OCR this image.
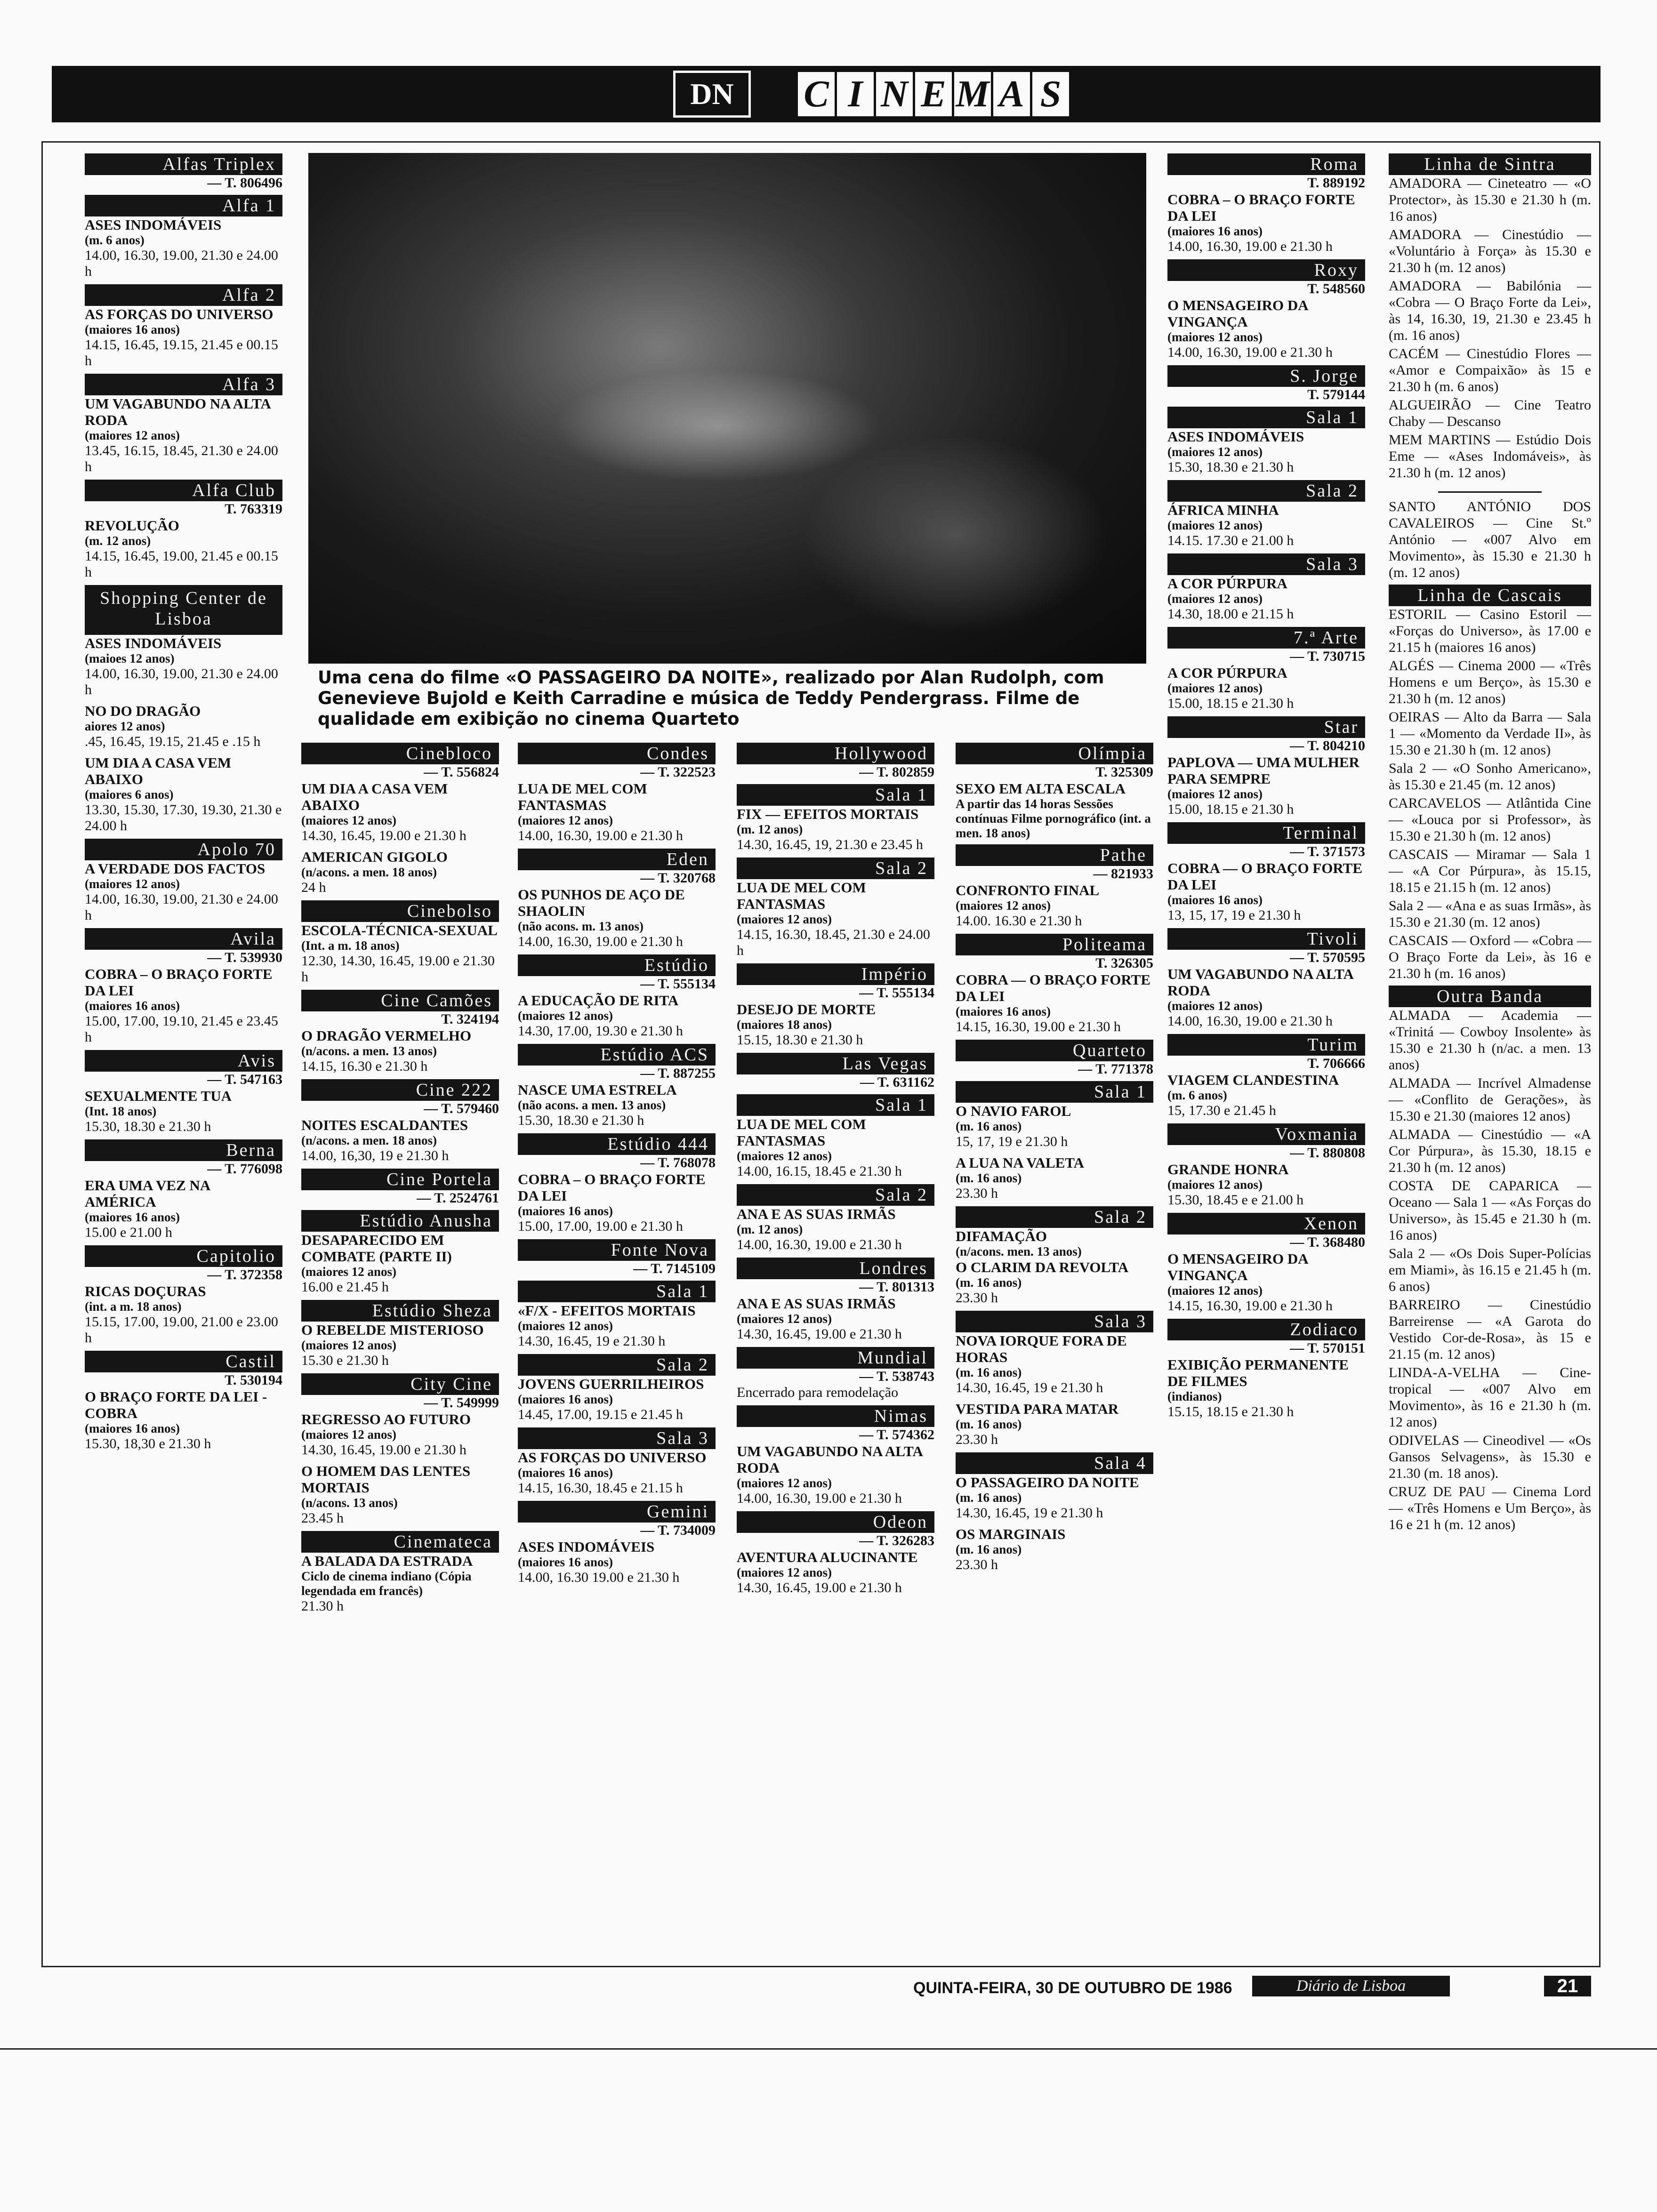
DN	C I N E M A S
Alfas Triplex
— T. 806496
Alfa 1
ASES INDOMÁVEIS
(m. 6 anos)
14.00, 16.30, 19.00, 21.30 e 24.00 h
Alfa 2
AS FORÇAS DO UNIVERSO
(maiores 16 anos)
14.15, 16.45, 19.15, 21.45 e 00.15 h
Alfa 3
UM VAGABUNDO NA ALTA RODA
(maiores 12 anos)
13.45, 16.15, 18.45, 21.30 e 24.00 h
Alfa Club
T. 763319
REVOLUÇÃO
(m. 12 anos)
14.15, 16.45, 19.00, 21.45 e 00.15 h
Shopping Center de Lisboa
ASES INDOMÁVEIS
(maioes 12 anos)
14.00, 16.30, 19.00, 21.30 e 24.00 h
NO DO DRAGÃO
aiores 12 anos)
.45, 16.45, 19.15, 21.45 e .15 h
UM DIA A CASA VEM ABAIXO
(maiores 6 anos)
13.30, 15.30, 17.30, 19.30, 21.30 e 24.00 h
Apolo 70
A VERDADE DOS FACTOS
(maiores 12 anos)
14.00, 16.30, 19.00, 21.30 e 24.00 h
Avila
— T. 539930
COBRA – O BRAÇO FORTE DA LEI
(maiores 16 anos)
15.00, 17.00, 19.10, 21.45 e 23.45 h
Avis
— T. 547163
SEXUALMENTE TUA
(Int. 18 anos)
15.30, 18.30 e 21.30 h
Berna
— T. 776098
ERA UMA VEZ NA AMÉRICA
(maiores 16 anos)
15.00 e 21.00 h
Capitolio
— T. 372358
RICAS DOÇURAS
(int. a m. 18 anos)
15.15, 17.00, 19.00, 21.00 e 23.00 h
Castil
T. 530194
O BRAÇO FORTE DA LEI - COBRA
(maiores 16 anos)
15.30, 18,30 e 21.30 h
Uma cena do filme «O PASSAGEIRO DA NOITE», realizado por Alan Rudolph, com Genevieve Bujold e Keith Carradine e música de Teddy Pendergrass. Filme de qualidade em exibição no cinema Quarteto
Cinebloco
— T. 556824
UM DIA A CASA VEM ABAIXO
(maiores 12 anos)
14.30, 16.45, 19.00 e 21.30 h
AMERICAN GIGOLO
(n/acons. a men. 18 anos)
24 h
Cinebolso
ESCOLA-TÉCNICA-SEXUAL
(Int. a m. 18 anos)
12.30, 14.30, 16.45, 19.00 e 21.30 h
Cine Camões
T. 324194
O DRAGÃO VERMELHO
(n/acons. a men. 13 anos)
14.15, 16.30 e 21.30 h
Cine 222
— T. 579460
NOITES ESCALDANTES
(n/acons. a men. 18 anos)
14.00, 16,30, 19 e 21.30 h
Cine Portela
— T. 2524761
Estúdio Anusha
DESAPARECIDO EM COMBATE (PARTE II)
(maiores 12 anos)
16.00 e 21.45 h
Estúdio Sheza
O REBELDE MISTERIOSO
(maiores 12 anos)
15.30 e 21.30 h
City Cine
— T. 549999
REGRESSO AO FUTURO
(maiores 12 anos)
14.30, 16.45, 19.00 e 21.30 h
O HOMEM DAS LENTES MORTAIS
(n/acons. 13 anos)
23.45 h
Cinemateca
A BALADA DA ESTRADA
Ciclo de cinema indiano (Cópia legendada em francês)
21.30 h
Condes
— T. 322523
LUA DE MEL COM FANTASMAS
(maiores 12 anos)
14.00, 16.30, 19.00 e 21.30 h
Eden
— T. 320768
OS PUNHOS DE AÇO DE SHAOLIN
(não acons. m. 13 anos)
14.00, 16.30, 19.00 e 21.30 h
Estúdio
— T. 555134
A EDUCAÇÃO DE RITA
(maiores 12 anos)
14.30, 17.00, 19.30 e 21.30 h
Estúdio ACS
— T. 887255
NASCE UMA ESTRELA
(não acons. a men. 13 anos)
15.30, 18.30 e 21.30 h
Estúdio 444
— T. 768078
COBRA – O BRAÇO FORTE DA LEI
(maiores 16 anos)
15.00, 17.00, 19.00 e 21.30 h
Fonte Nova
— T. 7145109
Sala 1
«F/X - EFEITOS MORTAIS
(maiores 12 anos)
14.30, 16.45, 19 e 21.30 h
Sala 2
JOVENS GUERRILHEIROS
(maiores 16 anos)
14.45, 17.00, 19.15 e 21.45 h
Sala 3
AS FORÇAS DO UNIVERSO
(maiores 16 anos)
14.15, 16.30, 18.45 e 21.15 h
Gemini
— T. 734009
ASES INDOMÁVEIS
(maiores 16 anos)
14.00, 16.30 19.00 e 21.30 h
Hollywood
— T. 802859
Sala 1
FIX — EFEITOS MORTAIS
(m. 12 anos)
14.30, 16.45, 19, 21.30 e 23.45 h
Sala 2
LUA DE MEL COM FANTASMAS
(maiores 12 anos)
14.15, 16.30, 18.45, 21.30 e 24.00 h
Império
— T. 555134
DESEJO DE MORTE
(maiores 18 anos)
15.15, 18.30 e 21.30 h
Las Vegas
— T. 631162
Sala 1
LUA DE MEL COM FANTASMAS
(maiores 12 anos)
14.00, 16.15, 18.45 e 21.30 h
Sala 2
ANA E AS SUAS IRMÃS
(m. 12 anos)
14.00, 16.30, 19.00 e 21.30 h
Londres
— T. 801313
ANA E AS SUAS IRMÃS
(maiores 12 anos)
14.30, 16.45, 19.00 e 21.30 h
Mundial
— T. 538743
Encerrado para remodelação
Nimas
— T. 574362
UM VAGABUNDO NA ALTA RODA
(maiores 12 anos)
14.00, 16.30, 19.00 e 21.30 h
Odeon
— T. 326283
AVENTURA ALUCINANTE
(maiores 12 anos)
14.30, 16.45, 19.00 e 21.30 h
Olímpia
T. 325309
SEXO EM ALTA ESCALA
A partir das 14 horas Sessões contínuas Filme pornográfico (int. a men. 18 anos)
Pathe
— 821933
CONFRONTO FINAL
(maiores 12 anos)
14.00. 16.30 e 21.30 h
Politeama
T. 326305
COBRA — O BRAÇO FORTE DA LEI
(maiores 16 anos)
14.15, 16.30, 19.00 e 21.30 h
Quarteto
— T. 771378
Sala 1
O NAVIO FAROL
(m. 16 anos)
15, 17, 19 e 21.30 h
A LUA NA VALETA
(m. 16 anos)
23.30 h
Sala 2
DIFAMAÇÃO
(n/acons. men. 13 anos)
O CLARIM DA REVOLTA
(m. 16 anos)
23.30 h
Sala 3
NOVA IORQUE FORA DE HORAS
(m. 16 anos)
14.30, 16.45, 19 e 21.30 h
VESTIDA PARA MATAR
(m. 16 anos)
23.30 h
Sala 4
O PASSAGEIRO DA NOITE
(m. 16 anos)
14.30, 16.45, 19 e 21.30 h
OS MARGINAIS
(m. 16 anos)
23.30 h
Roma
T. 889192
COBRA – O BRAÇO FORTE DA LEI
(maiores 16 anos)
14.00, 16.30, 19.00 e 21.30 h
Roxy
T. 548560
O MENSAGEIRO DA VINGANÇA
(maiores 12 anos)
14.00, 16.30, 19.00 e 21.30 h
S. Jorge
T. 579144
Sala 1
ASES INDOMÁVEIS
(maiores 12 anos)
15.30, 18.30 e 21.30 h
Sala 2
ÁFRICA MINHA
(maiores 12 anos)
14.15. 17.30 e 21.00 h
Sala 3
A COR PÚRPURA
(maiores 12 anos)
14.30, 18.00 e 21.15 h
7.ª Arte
— T. 730715
A COR PÚRPURA
(maiores 12 anos)
15.00, 18.15 e 21.30 h
Star
— T. 804210
PAPLOVA — UMA MULHER PARA SEMPRE
(maiores 12 anos)
15.00, 18.15 e 21.30 h
Terminal
— T. 371573
COBRA — O BRAÇO FORTE DA LEI
(maiores 16 anos)
13, 15, 17, 19 e 21.30 h
Tivoli
— T. 570595
UM VAGABUNDO NA ALTA RODA
(maiores 12 anos)
14.00, 16.30, 19.00 e 21.30 h
Turim
T. 706666
VIAGEM CLANDESTINA
(m. 6 anos)
15, 17.30 e 21.45 h
Voxmania
— T. 880808
GRANDE HONRA
(maiores 12 anos)
15.30, 18.45 e e 21.00 h
Xenon
— T. 368480
O MENSAGEIRO DA VINGANÇA
(maiores 12 anos)
14.15, 16.30, 19.00 e 21.30 h
Zodiaco
— T. 570151
EXIBIÇÃO PERMANENTE DE FILMES
(indianos)
15.15, 18.15 e 21.30 h
Linha de Sintra

AMADORA — Cineteatro — «O Protector», às 15.30 e 21.30 h (m. 16 anos)

AMADORA — Cinestúdio — «Voluntário à Força» às 15.30 e 21.30 h (m. 12 anos)

AMADORA — Babilónia — «Cobra — O Braço Forte da Lei», às 14, 16.30, 19, 21.30 e 23.45 h (m. 16 anos)

CACÉM — Cinestúdio Flores — «Amor e Compaixão» às 15 e 21.30 h (m. 6 anos)

ALGUEIRÃO — Cine Teatro Chaby — Descanso

MEM MARTINS — Estúdio Dois Eme — «Ases Indomáveis», às 21.30 h (m. 12 anos)

SANTO ANTÓNIO DOS CAVALEIROS — Cine St.º António — «007 Alvo em Movimento», às 15.30 e 21.30 h (m. 12 anos)

Linha de Cascais

ESTORIL — Casino Estoril — «Forças do Universo», às 17.00 e 21.15 h (maiores 16 anos)

ALGÉS — Cinema 2000 — «Três Homens e um Berço», às 15.30 e 21.30 h (m. 12 anos)

OEIRAS — Alto da Barra — Sala 1 — «Momento da Verdade II», às 15.30 e 21.30 h (m. 12 anos)

Sala 2 — «O Sonho Americano», às 15.30 e 21.45 (m. 12 anos)

CARCAVELOS — Atlântida Cine — «Louca por si Professor», às 15.30 e 21.30 h (m. 12 anos)

CASCAIS — Miramar — Sala 1 — «A Cor Púrpura», às 15.15, 18.15 e 21.15 h (m. 12 anos)

Sala 2 — «Ana e as suas Irmãs», às 15.30 e 21.30 (m. 12 anos)

CASCAIS — Oxford — «Cobra — O Braço Forte da Lei», às 16 e 21.30 h (m. 16 anos)

Outra Banda

ALMADA — Academia — «Trinitá — Cowboy Insolente» às 15.30 e 21.30 h (n/ac. a men. 13 anos)

ALMADA — Incrível Almadense — «Conflito de Gerações», às 15.30 e 21.30 (maiores 12 anos)

ALMADA — Cinestúdio — «A Cor Púrpura», às 15.30, 18.15 e 21.30 h (m. 12 anos)

COSTA DE CAPARICA — Oceano — Sala 1 — «As Forças do Universo», às 15.45 e 21.30 h (m. 16 anos)

Sala 2 — «Os Dois Super-Polícias em Miami», às 16.15 e 21.45 h (m. 6 anos)

BARREIRO — Cinestúdio Barreirense — «A Garota do Vestido Cor-de-Rosa», às 15 e 21.15 (m. 12 anos)

LINDA-A-VELHA — Cine-tropical — «007 Alvo em Movimento», às 16 e 21.30 h (m. 12 anos)

ODIVELAS — Cineodivel — «Os Gansos Selvagens», às 15.30 e 21.30 (m. 18 anos).

CRUZ DE PAU — Cinema Lord — «Três Homens e Um Berço», às 16 e 21 h (m. 12 anos)

QUINTA-FEIRA, 30 DE OUTUBRO DE 1986	Diário de Lisboa	21
